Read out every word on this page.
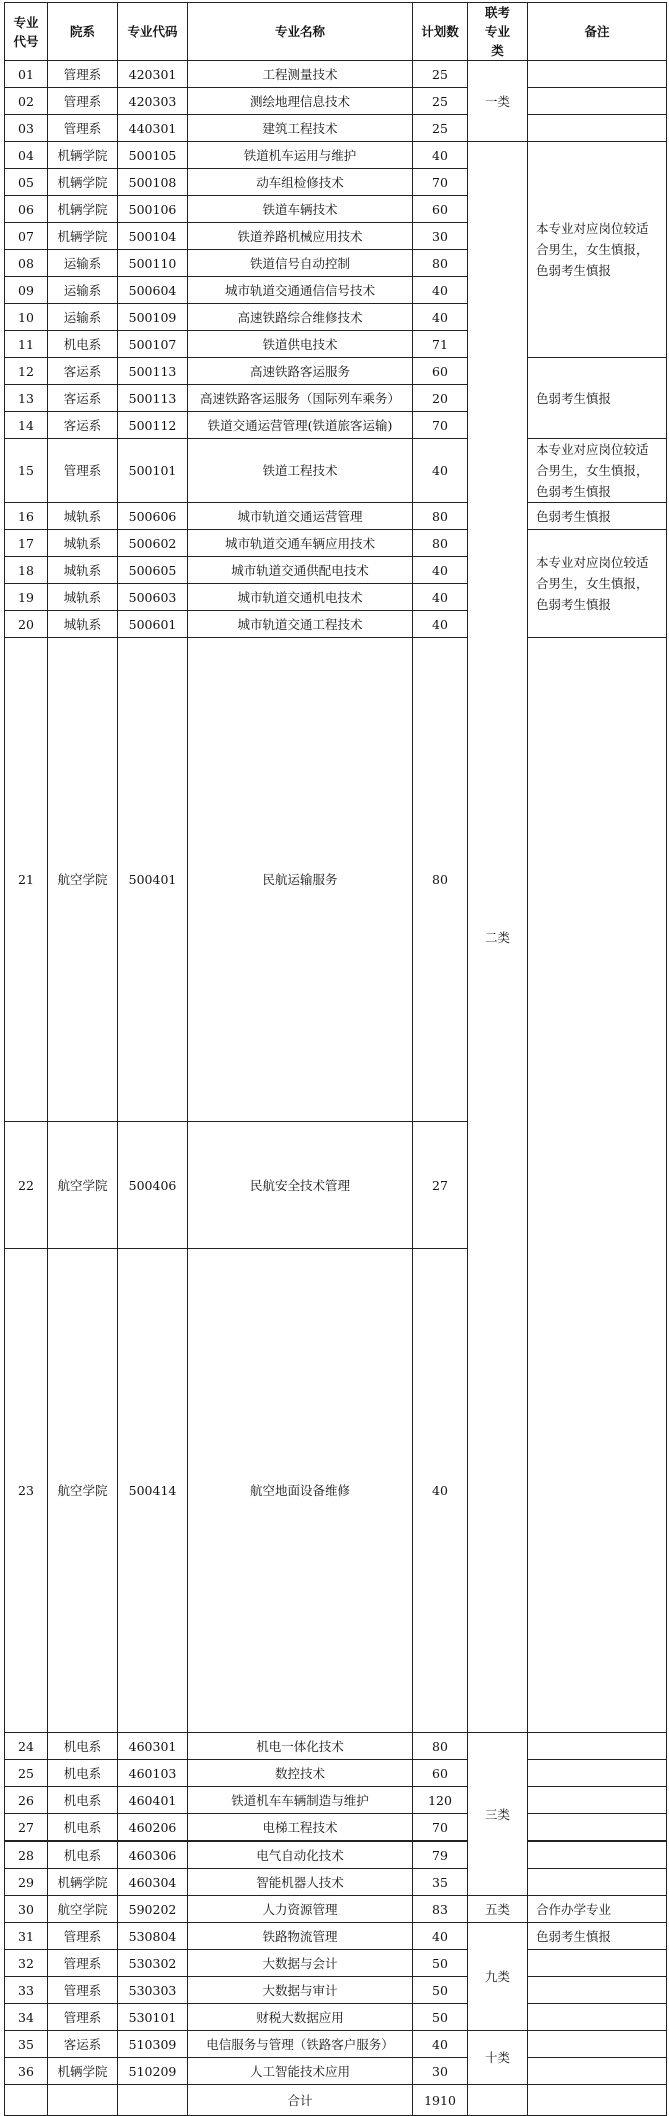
专业代号	院系	专业代码	专业名称	计划数	联考专业类	备注	
01	管理系	420301	工程测量技术	25	一类		
02	管理系	420303	测绘地理信息技术	25			
03	管理系	440301	建筑工程技术	25			
04	机辆学院	500105	铁道机车运用与维护	40	二类	本专业对应岗位较适合男生，女生慎报，色弱考生慎报	
05	机辆学院	500108	动车组检修技术	70			
06	机辆学院	500106	铁道车辆技术	60			
07	机辆学院	500104	铁道养路机械应用技术	30			
08	运输系	500110	铁道信号自动控制	80			
09	运输系	500604	城市轨道交通通信信号技术	40			
10	运输系	500109	高速铁路综合维修技术	40			
11	机电系	500107	铁道供电技术	71			
12	客运系	500113	高速铁路客运服务	60		色弱考生慎报	
13	客运系	500113	高速铁路客运服务（国际列车乘务）	20			
14	客运系	500112	铁道交通运营管理(铁道旅客运输)	70			
15	管理系	500101	铁道工程技术	40		本专业对应岗位较适合男生，女生慎报，色弱考生慎报	
16	城轨系	500606	城市轨道交通运营管理	80		色弱考生慎报	
17	城轨系	500602	城市轨道交通车辆应用技术	80		本专业对应岗位较适合男生，女生慎报，色弱考生慎报	
18	城轨系	500605	城市轨道交通供配电技术	40			
19	城轨系	500603	城市轨道交通机电技术	40			
20	城轨系	500601	城市轨道交通工程技术	40			
21	航空学院	500401	民航运输服务	80		
22	航空学院	500406	民航安全技术管理	27	
23	航空学院	500414	航空地面设备维修	40	
24	机电系	460301	机电一体化技术	80	三类		
25	机电系	460103	数控技术	60			
26	机电系	460401	铁道机车车辆制造与维护	120			
27	机电系	460206	电梯工程技术	70			
28	机电系	460306	电气自动化技术	79			
29	机辆学院	460304	智能机器人技术	35			
30	航空学院	590202	人力资源管理	83	五类	合作办学专业	
31	管理系	530804	铁路物流管理	40	九类	色弱考生慎报	
32	管理系	530302	大数据与会计	50			
33	管理系	530303	大数据与审计	50			
34	管理系	530101	财税大数据应用	50			
35	客运系	510309	电信服务与管理（铁路客户服务）	40	十类		
36	机辆学院	510209	人工智能技术应用	30			
			合计	1910			
